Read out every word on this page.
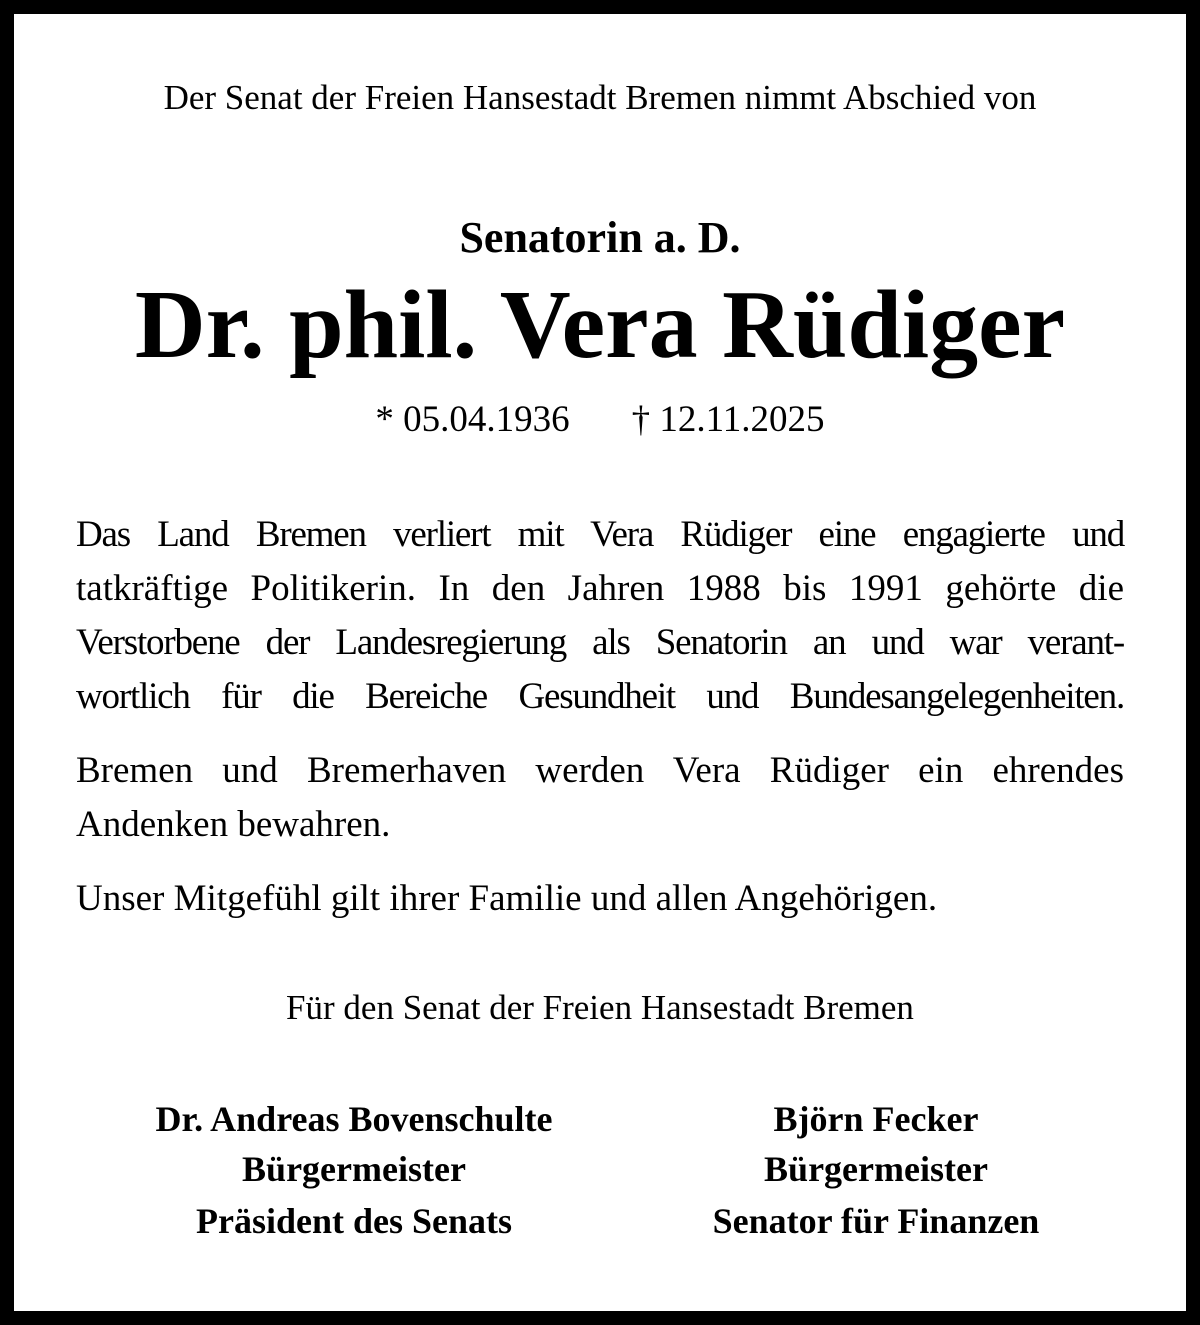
Der Senat der Freien Hansestadt Bremen nimmt Abschied von
Senatorin a. D.
Dr. phil. Vera Rüdiger
* 05.04.1936 † 12.11.2025
Das Land Bremen verliert mit Vera Rüdiger eine engagierte und
tatkräftige Politikerin. In den Jahren 1988 bis 1991 gehörte die
Verstorbene der Landesregierung als Senatorin an und war verant-
wortlich für die Bereiche Gesundheit und Bundesangelegenheiten.
Bremen und Bremerhaven werden Vera Rüdiger ein ehrendes
Andenken bewahren.
Unser Mitgefühl gilt ihrer Familie und allen Angehörigen.
Für den Senat der Freien Hansestadt Bremen
Dr. Andreas Bovenschulte
Bürgermeister
Präsident des Senats
Björn Fecker
Bürgermeister
Senator für Finanzen
